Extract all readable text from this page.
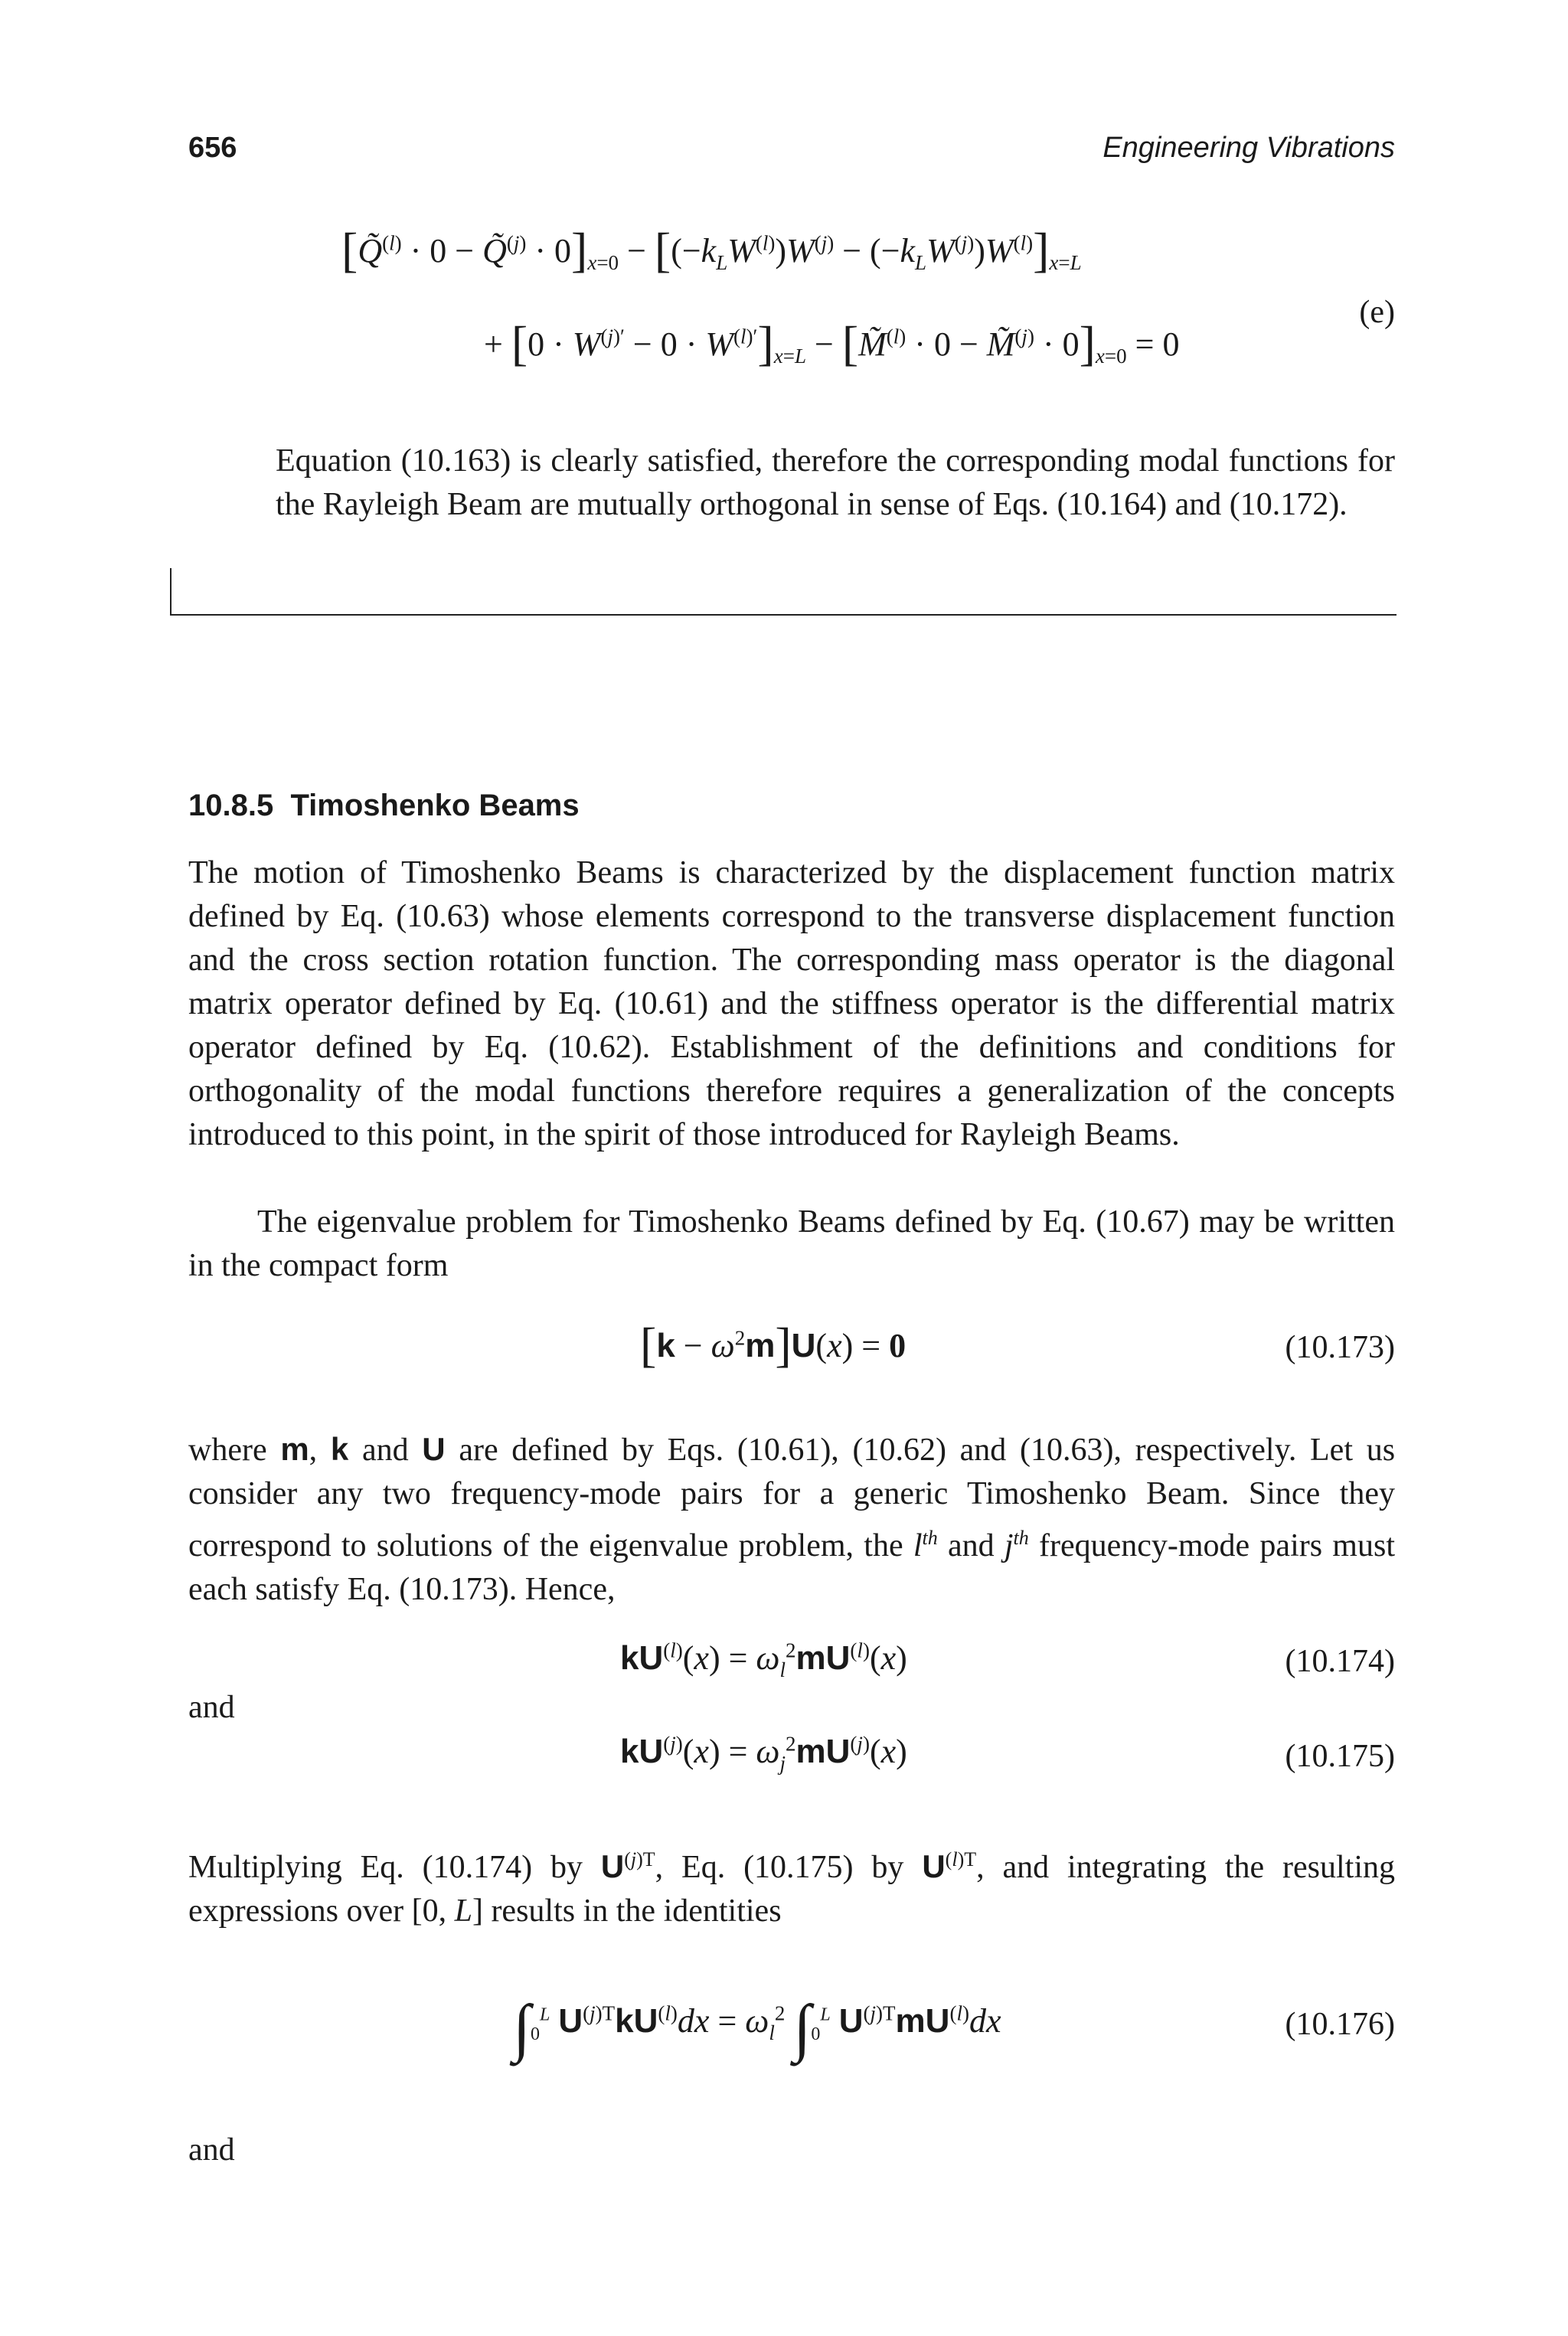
656	Engineering Vibrations
[Q̃$^{(l)}$ · 0 − Q̃$^{(j)}$ · $0]_{x=0} - [(-k_LW^{(l)})W^{(j)} - (-k_LW^{(j)})W^{(l)}]_{x=L}$
+ $[0 \cdot W^{(j)'} - 0 \cdot W^{(l)'}]_{x=L}$ − [M̃$^{(l)}$ · 0 − M̃$^{(j)}$ · $0]_{x=0} = 0$
(e)

Equation (10.163) is clearly satisfied, therefore the corresponding modal functions for the Rayleigh Beam are mutually orthogonal in sense of Eqs. (10.164) and (10.172).

10.8.5 Timoshenko Beams

The motion of Timoshenko Beams is characterized by the displacement function matrix defined by Eq. (10.63) whose elements correspond to the transverse displacement function and the cross section rotation function. The corresponding mass operator is the diagonal matrix operator defined by Eq. (10.61) and the stiffness operator is the differential matrix operator defined by Eq. (10.62). Establishment of the definitions and conditions for orthogonality of the modal functions therefore requires a generalization of the concepts introduced to this point, in the spirit of those introduced for Rayleigh Beams.

The eigenvalue problem for Timoshenko Beams defined by Eq. (10.67) may be written in the compact form

$[k - \omega^2m]U(x) = 0$	(10.173)

where m, k and U are defined by Eqs. (10.61), (10.62) and (10.63), respectively. Let us consider any two frequency-mode pairs for a generic Timoshenko Beam. Since they correspond to solutions of the eigenvalue problem, the $l^{th}$ and $j^{th}$ frequency-mode pairs must each satisfy Eq. (10.173). Hence,

$kU^{(l)}(x) = \omega_l^2mU^{(l)}(x)$	(10.174)
and
$kU^{(j)}(x) = \omega_j^2mU^{(j)}(x)$	(10.175)

Multiplying Eq. (10.174) by $U^{(j)T}$, Eq. (10.175) by $U^{(l)T}$, and integrating the resulting expressions over [0, L] results in the identities

$\int_0^L$ $U^{(j)T}kU^{(l)}dx = \omega_l^2$ $\int_0^L$ $U^{(j)T}mU^{(l)}dx$	(10.176)
and
